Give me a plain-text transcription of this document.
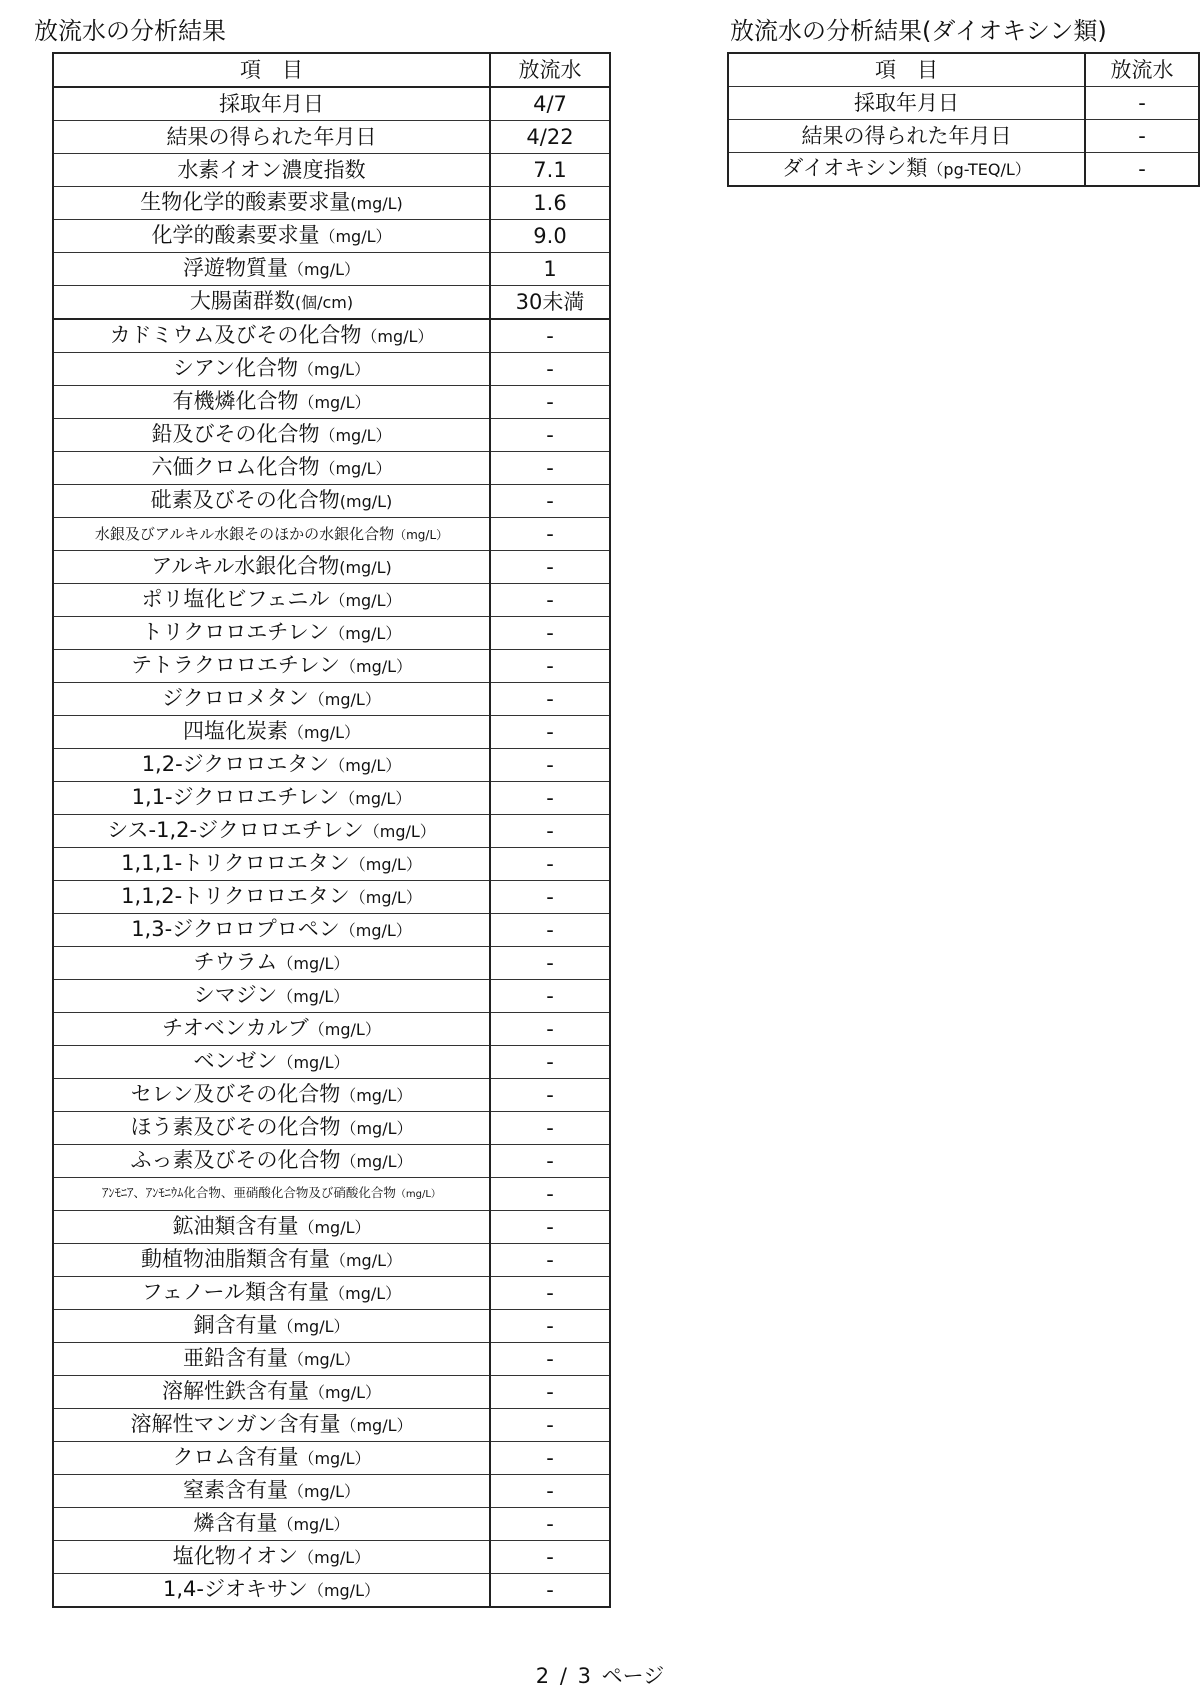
放流水の分析結果
項　目	放流水
採取年月日	4/7
結果の得られた年月日	4/22
水素イオン濃度指数	7.1
生物化学的酸素要求量(mg/L)	1.6
化学的酸素要求量（mg/L）	9.0
浮遊物質量（mg/L）	1
大腸菌群数(個/cm)	30未満
カドミウム及びその化合物（mg/L）	-
シアン化合物（mg/L）	-
有機燐化合物（mg/L）	-
鉛及びその化合物（mg/L）	-
六価クロム化合物（mg/L）	-
砒素及びその化合物(mg/L)	-
水銀及びアルキル水銀そのほかの水銀化合物（mg/L）	-
アルキル水銀化合物(mg/L)	-
ポリ塩化ビフェニル（mg/L）	-
トリクロロエチレン（mg/L）	-
テトラクロロエチレン（mg/L）	-
ジクロロメタン（mg/L）	-
四塩化炭素（mg/L）	-
1,2-ジクロロエタン（mg/L）	-
1,1-ジクロロエチレン（mg/L）	-
シス-1,2-ジクロロエチレン（mg/L）	-
1,1,1-トリクロロエタン（mg/L）	-
1,1,2-トリクロロエタン（mg/L）	-
1,3-ジクロロプロペン（mg/L）	-
チウラム（mg/L）	-
シマジン（mg/L）	-
チオベンカルブ（mg/L）	-
ベンゼン（mg/L）	-
セレン及びその化合物（mg/L）	-
ほう素及びその化合物（mg/L）	-
ふっ素及びその化合物（mg/L）	-
ｱﾝﾓﾆｱ、ｱﾝﾓﾆｳﾑ化合物、亜硝酸化合物及び硝酸化合物（mg/L）	-
鉱油類含有量（mg/L）	-
動植物油脂類含有量（mg/L）	-
フェノール類含有量（mg/L）	-
銅含有量（mg/L）	-
亜鉛含有量（mg/L）	-
溶解性鉄含有量（mg/L）	-
溶解性マンガン含有量（mg/L）	-
クロム含有量（mg/L）	-
窒素含有量（mg/L）	-
燐含有量（mg/L）	-
塩化物イオン（mg/L）	-
1,4-ジオキサン（mg/L）	-
放流水の分析結果(ダイオキシン類)
項　目	放流水
採取年月日	-
結果の得られた年月日	-
ダイオキシン類（pg-TEQ/L）	-

2 / 3 ページ
